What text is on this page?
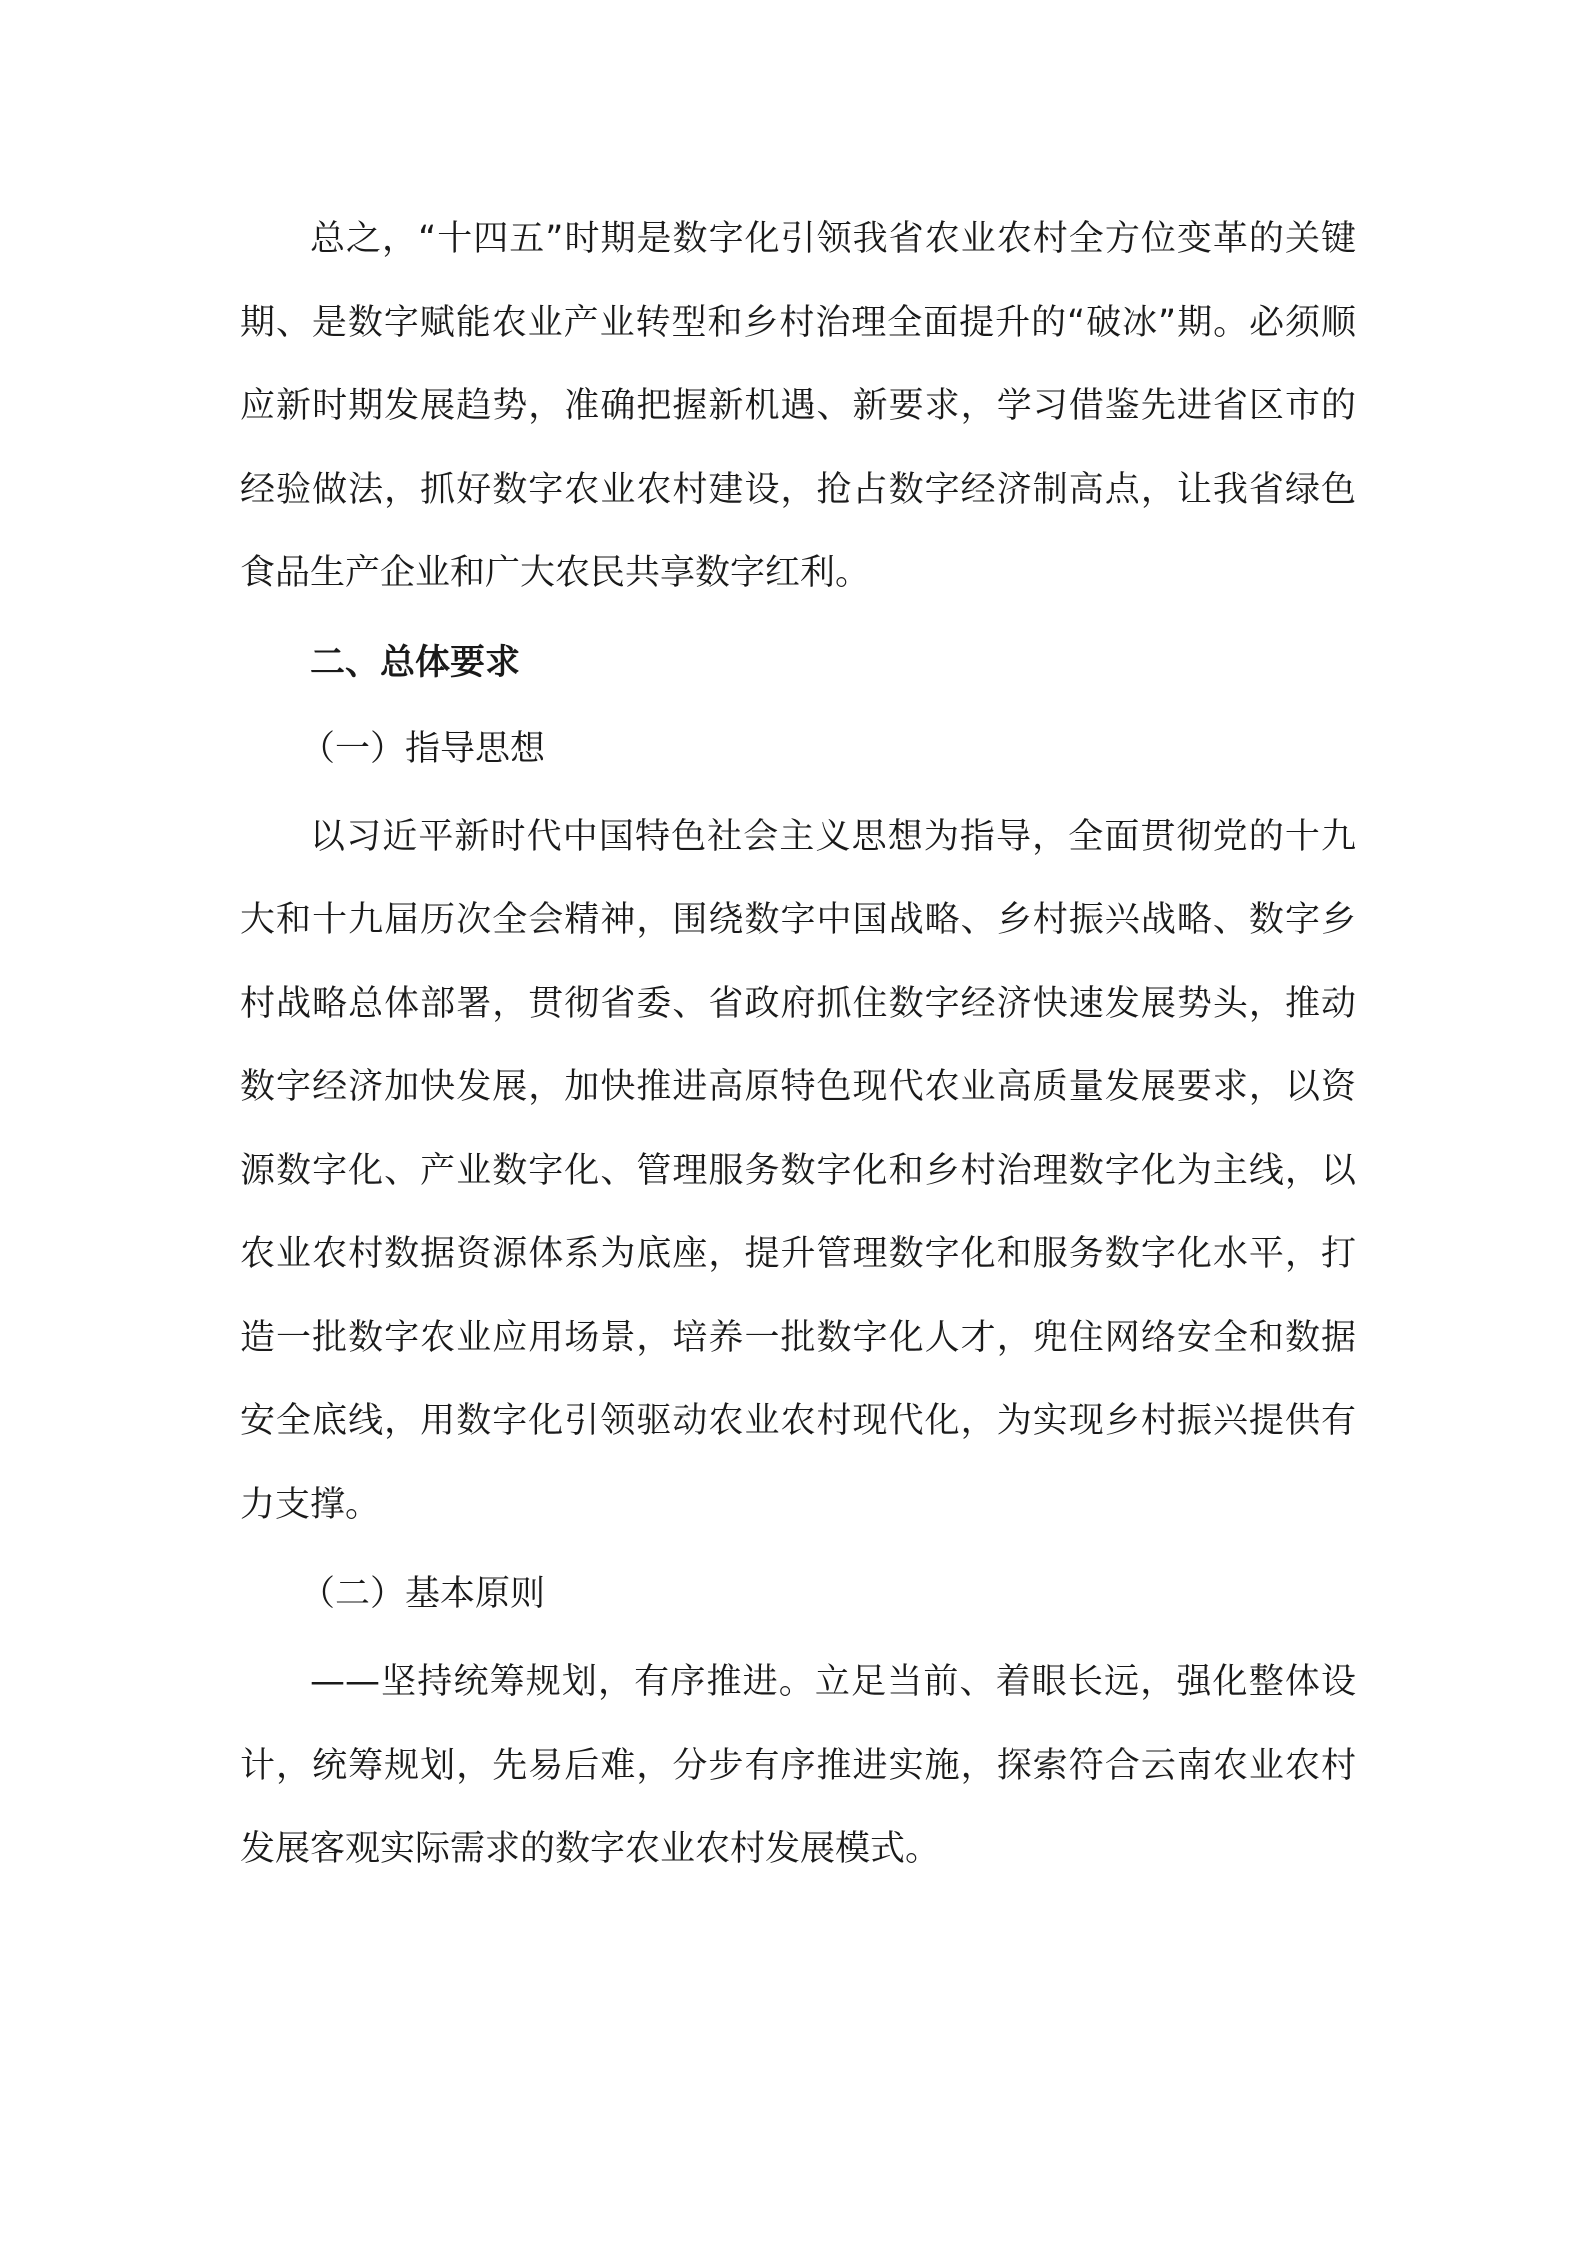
总之，“十四五”时期是数字化引领我省农业农村全方位变革的关键期、是数字赋能农业产业转型和乡村治理全面提升的“破冰”期。必须顺应新时期发展趋势，准确把握新机遇、新要求，学习借鉴先进省区市的经验做法，抓好数字农业农村建设，抢占数字经济制高点，让我省绿色食品生产企业和广大农民共享数字红利。

二、总体要求

（一）指导思想

以习近平新时代中国特色社会主义思想为指导，全面贯彻党的十九大和十九届历次全会精神，围绕数字中国战略、乡村振兴战略、数字乡村战略总体部署，贯彻省委、省政府抓住数字经济快速发展势头，推动数字经济加快发展，加快推进高原特色现代农业高质量发展要求，以资源数字化、产业数字化、管理服务数字化和乡村治理数字化为主线，以农业农村数据资源体系为底座，提升管理数字化和服务数字化水平，打造一批数字农业应用场景，培养一批数字化人才，兜住网络安全和数据安全底线，用数字化引领驱动农业农村现代化，为实现乡村振兴提供有力支撑。

（二）基本原则

——坚持统筹规划，有序推进。立足当前、着眼长远，强化整体设计，统筹规划，先易后难，分步有序推进实施，探索符合云南农业农村发展客观实际需求的数字农业农村发展模式。
